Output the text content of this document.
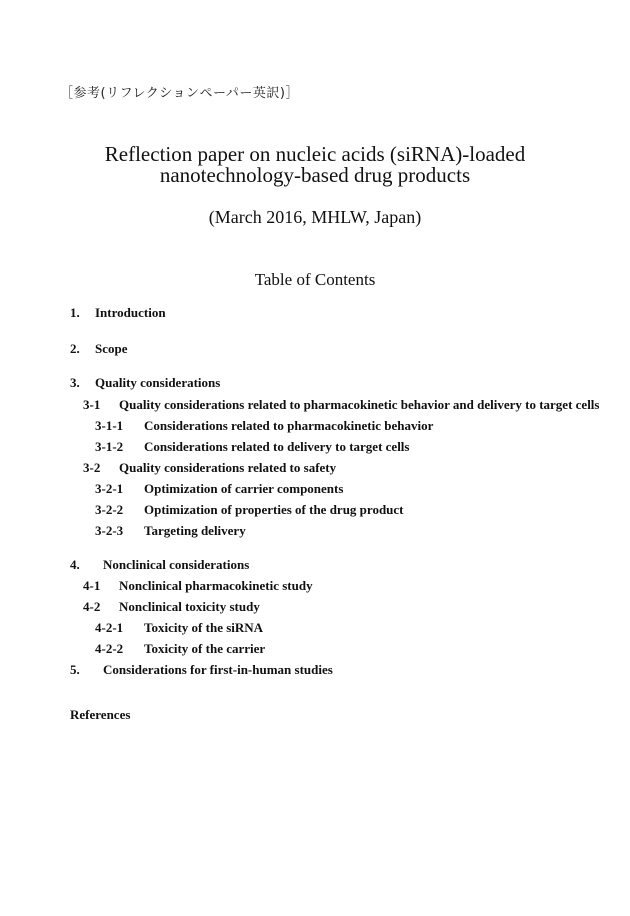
［参考(リフレクションペーパー英訳)］
Reflection paper on nucleic acids (siRNA)-loaded
nanotechnology-based drug products
(March 2016, MHLW, Japan)
Table of Contents
1. Introduction
2. Scope
3. Quality considerations
3-1 Quality considerations related to pharmacokinetic behavior and delivery to target cells
3-1-1 Considerations related to pharmacokinetic behavior
3-1-2 Considerations related to delivery to target cells
3-2 Quality considerations related to safety
3-2-1 Optimization of carrier components
3-2-2 Optimization of properties of the drug product
3-2-3 Targeting delivery
4. Nonclinical considerations
4-1 Nonclinical pharmacokinetic study
4-2 Nonclinical toxicity study
4-2-1 Toxicity of the siRNA
4-2-2 Toxicity of the carrier
5. Considerations for first-in-human studies
References
